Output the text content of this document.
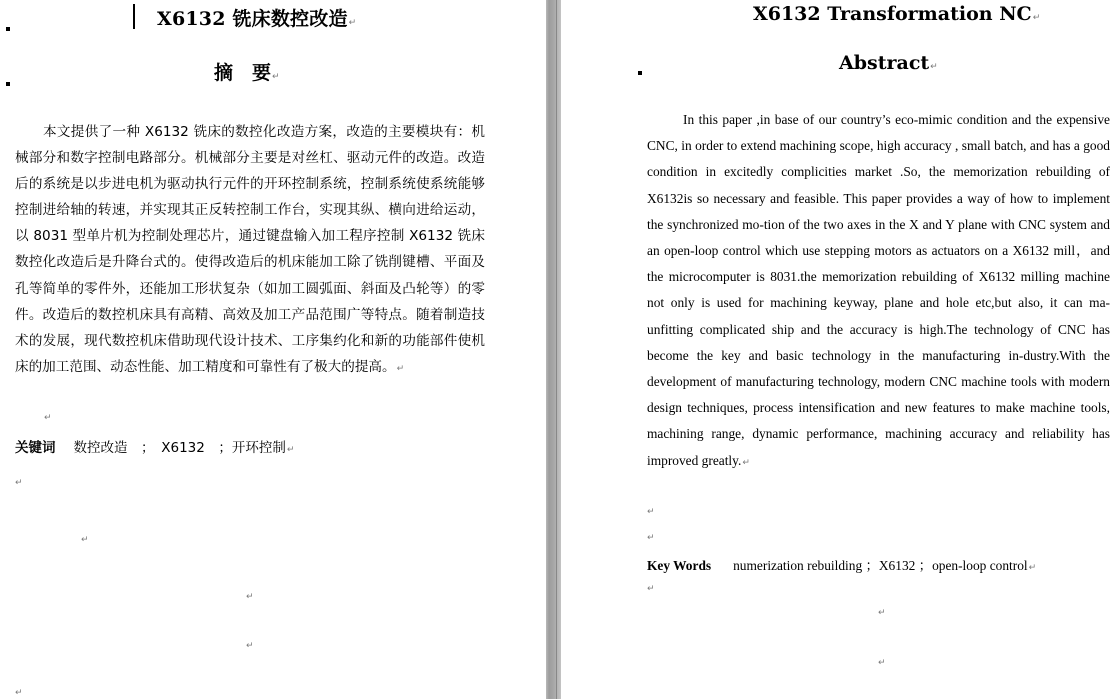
X6132 铣床数控改造↵
摘　要↵
本文提供了一种 X6132 铣床的数控化改造方案，改造的主要模块有：机械部分和数字控制电路部分。机械部分主要是对丝杠、驱动元件的改造。改造后的系统是以步进电机为驱动执行元件的开环控制系统，控制系统使系统能够控制进给轴的转速，并实现其正反转控制工作台，实现其纵、横向进给运动，以 8031 型单片机为控制处理芯片，通过键盘输入加工程序控制 X6132 铣床数控化改造后是升降台式的。使得改造后的机床能加工除了铣削键槽、平面及孔等简单的零件外，还能加工形状复杂（如加工圆弧面、斜面及凸轮等）的零件。改造后的数控机床具有高精、高效及加工产品范围广等特点。随着制造技术的发展，现代数控机床借助现代设计技术、工序集约化和新的功能部件使机床的加工范围、动态性能、加工精度和可靠性有了极大的提高。↵
↵
关键词 数控改造　；　X6132　；开环控制↵
↵
↵
↵
↵
↵
X6132 Transformation NC↵
Abstract↵
In this paper ,in base of our country’s eco-mimic condition and the expensive CNC, in order to extend machining scope, high accuracy , small batch, and has a good condition in excitedly complicities market .So, the memorization rebuilding of X6132is so necessary and feasible. This paper provides a way of how to implement the synchronized mo-tion of the two axes in the X and Y plane with CNC system and an open-loop control which use stepping motors as actuators on a X6132 mill，and the microcomputer is 8031.the memorization rebuilding of X6132 milling machine not only is used for machining keyway, plane and hole etc,but also, it can ma- unfitting complicated ship and the accuracy is high.The technology of CNC has become the key and basic technology in the manufacturing in-dustry.With the development of manufacturing technology, modern CNC machine tools with modern design techniques, process intensification and new features to make machine tools, machining range, dynamic performance, machining accuracy and reliability has improved greatly.↵
↵
↵
Key Words numerization rebuilding ；X6132 ；open-loop control↵
↵
↵
↵
